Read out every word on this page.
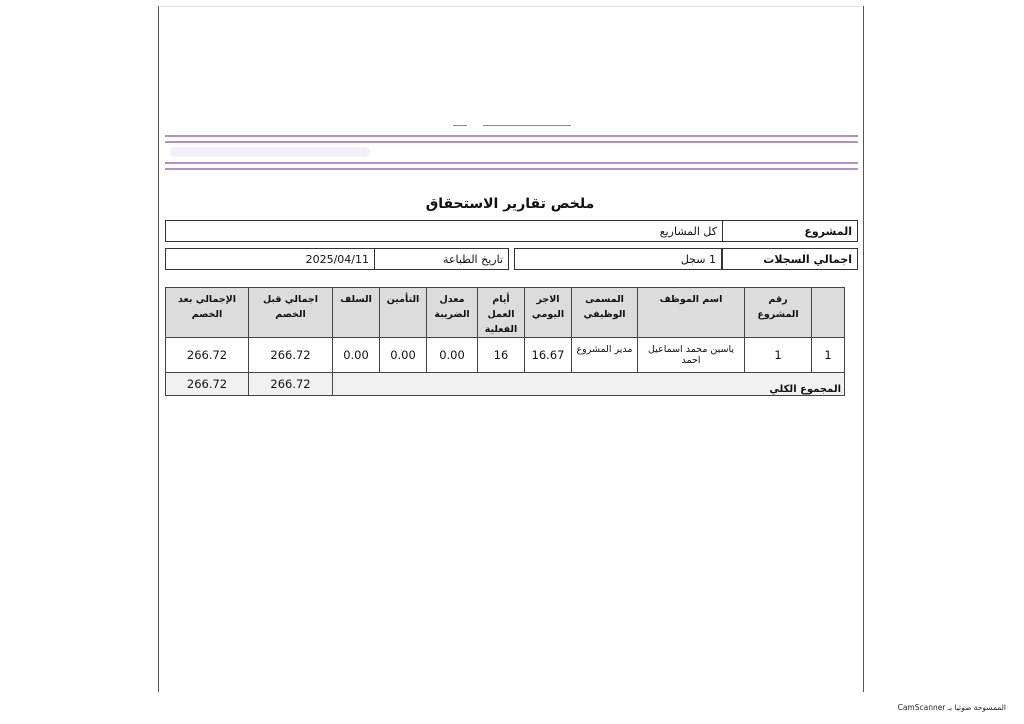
ملخص تقارير الاستحقاق
المشروع
كل المشاريع
اجمالي السجلات
1 سجل
تاريخ الطباعة
2025/04/11
	رقم المشروع	اسم الموظف	المسمى الوظيفي	الاجر اليومي	أيام العمل الفعلية	معدل الضريبة	التأمين	السلف	اجمالي قبل الخصم	الإجمالي بعد الخصم
1	1	ياسين محمد اسماعيل احمد	مدير المشروع	16.67	16	0.00	0.00	0.00	266.72	266.72
المجموع الكلي									266.72	266.72
الممسوحة ضوئيا بـ CamScanner
